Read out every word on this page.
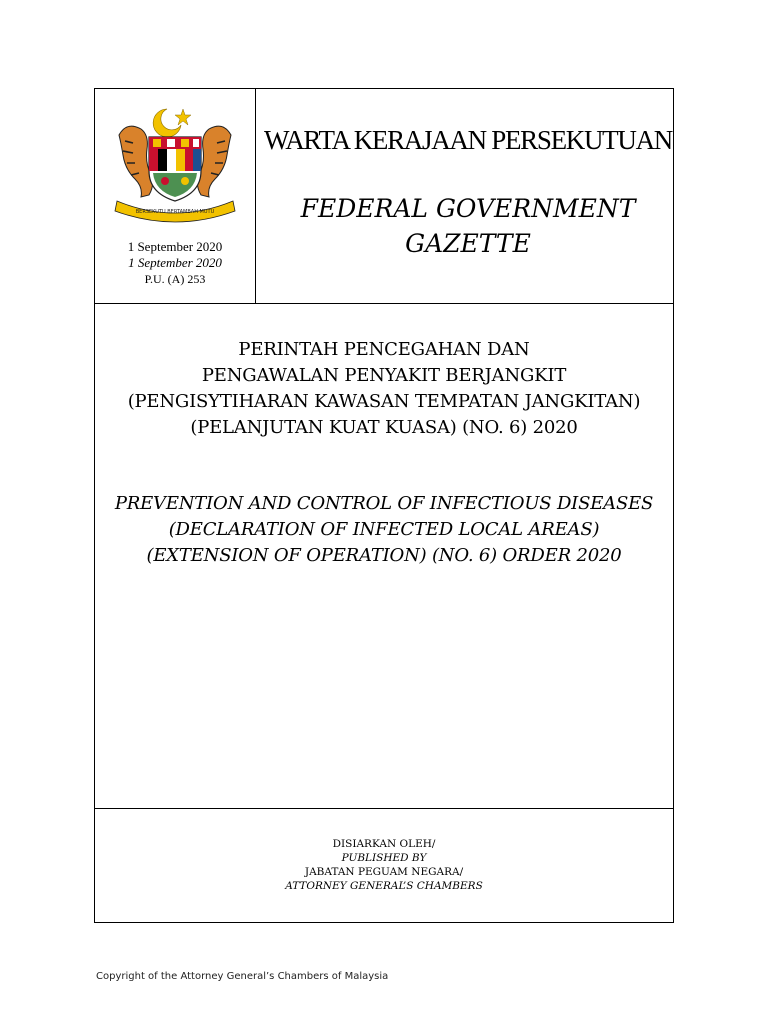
BERSEKUTU BERTAMBAH MUTU
1 September 2020
1 September 2020
P.U. (A) 253
WARTA KERAJAAN PERSEKUTUAN
FEDERAL GOVERNMENT
GAZETTE
PERINTAH PENCEGAHAN DAN
PENGAWALAN PENYAKIT BERJANGKIT
(PENGISYTIHARAN KAWASAN TEMPATAN JANGKITAN)
(PELANJUTAN KUAT KUASA) (NO. 6) 2020
PREVENTION AND CONTROL OF INFECTIOUS DISEASES
(DECLARATION OF INFECTED LOCAL AREAS)
(EXTENSION OF OPERATION) (NO. 6) ORDER 2020
DISIARKAN OLEH/
PUBLISHED BY
JABATAN PEGUAM NEGARA/
ATTORNEY GENERAL’S CHAMBERS
Copyright of the Attorney General’s Chambers of Malaysia
